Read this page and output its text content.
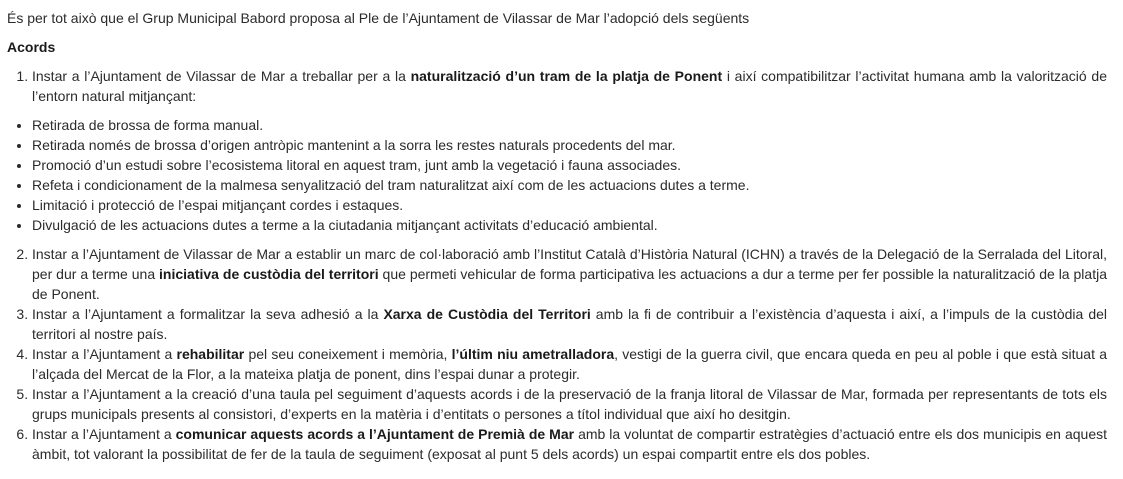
És per tot això que el Grup Municipal Babord proposa al Ple de l’Ajuntament de Vilassar de Mar l’adopció dels següents

Acords

1. Instar a l’Ajuntament de Vilassar de Mar a treballar per a la naturalització d’un tram de la platja de Ponent i així compatibilitzar l’activitat humana amb la valorització de l’entorn natural mitjançant:
• Retirada de brossa de forma manual.
• Retirada només de brossa d’origen antròpic mantenint a la sorra les restes naturals procedents del mar.
• Promoció d’un estudi sobre l’ecosistema litoral en aquest tram, junt amb la vegetació i fauna associades.
• Refeta i condicionament de la malmesa senyalització del tram naturalitzat així com de les actuacions dutes a terme.
• Limitació i protecció de l’espai mitjançant cordes i estaques.
• Divulgació de les actuacions dutes a terme a la ciutadania mitjançant activitats d’educació ambiental.
2. Instar a l’Ajuntament de Vilassar de Mar a establir un marc de col·laboració amb l’Institut Català d’Història Natural (ICHN) a través de la Delegació de la Serralada del Litoral, per dur a terme una iniciativa de custòdia del territori que permeti vehicular de forma participativa les actuacions a dur a terme per fer possible la naturalització de la platja de Ponent.
3. Instar a l’Ajuntament a formalitzar la seva adhesió a la Xarxa de Custòdia del Territori amb la fi de contribuir a l’existència d’aquesta i així, a l’impuls de la custòdia del territori al nostre país.
4. Instar a l’Ajuntament a rehabilitar pel seu coneixement i memòria, l’últim niu ametralladora, vestigi de la guerra civil, que encara queda en peu al poble i que està situat a l’alçada del Mercat de la Flor, a la mateixa platja de ponent, dins l’espai dunar a protegir.
5. Instar a l’Ajuntament a la creació d’una taula pel seguiment d’aquests acords i de la preservació de la franja litoral de Vilassar de Mar, formada per representants de tots els grups municipals presents al consistori, d’experts en la matèria i d’entitats o persones a títol individual que així ho desitgin.
6. Instar a l’Ajuntament a comunicar aquests acords a l’Ajuntament de Premià de Mar amb la voluntat de compartir estratègies d’actuació entre els dos municipis en aquest àmbit, tot valorant la possibilitat de fer de la taula de seguiment (exposat al punt 5 dels acords) un espai compartit entre els dos pobles.
